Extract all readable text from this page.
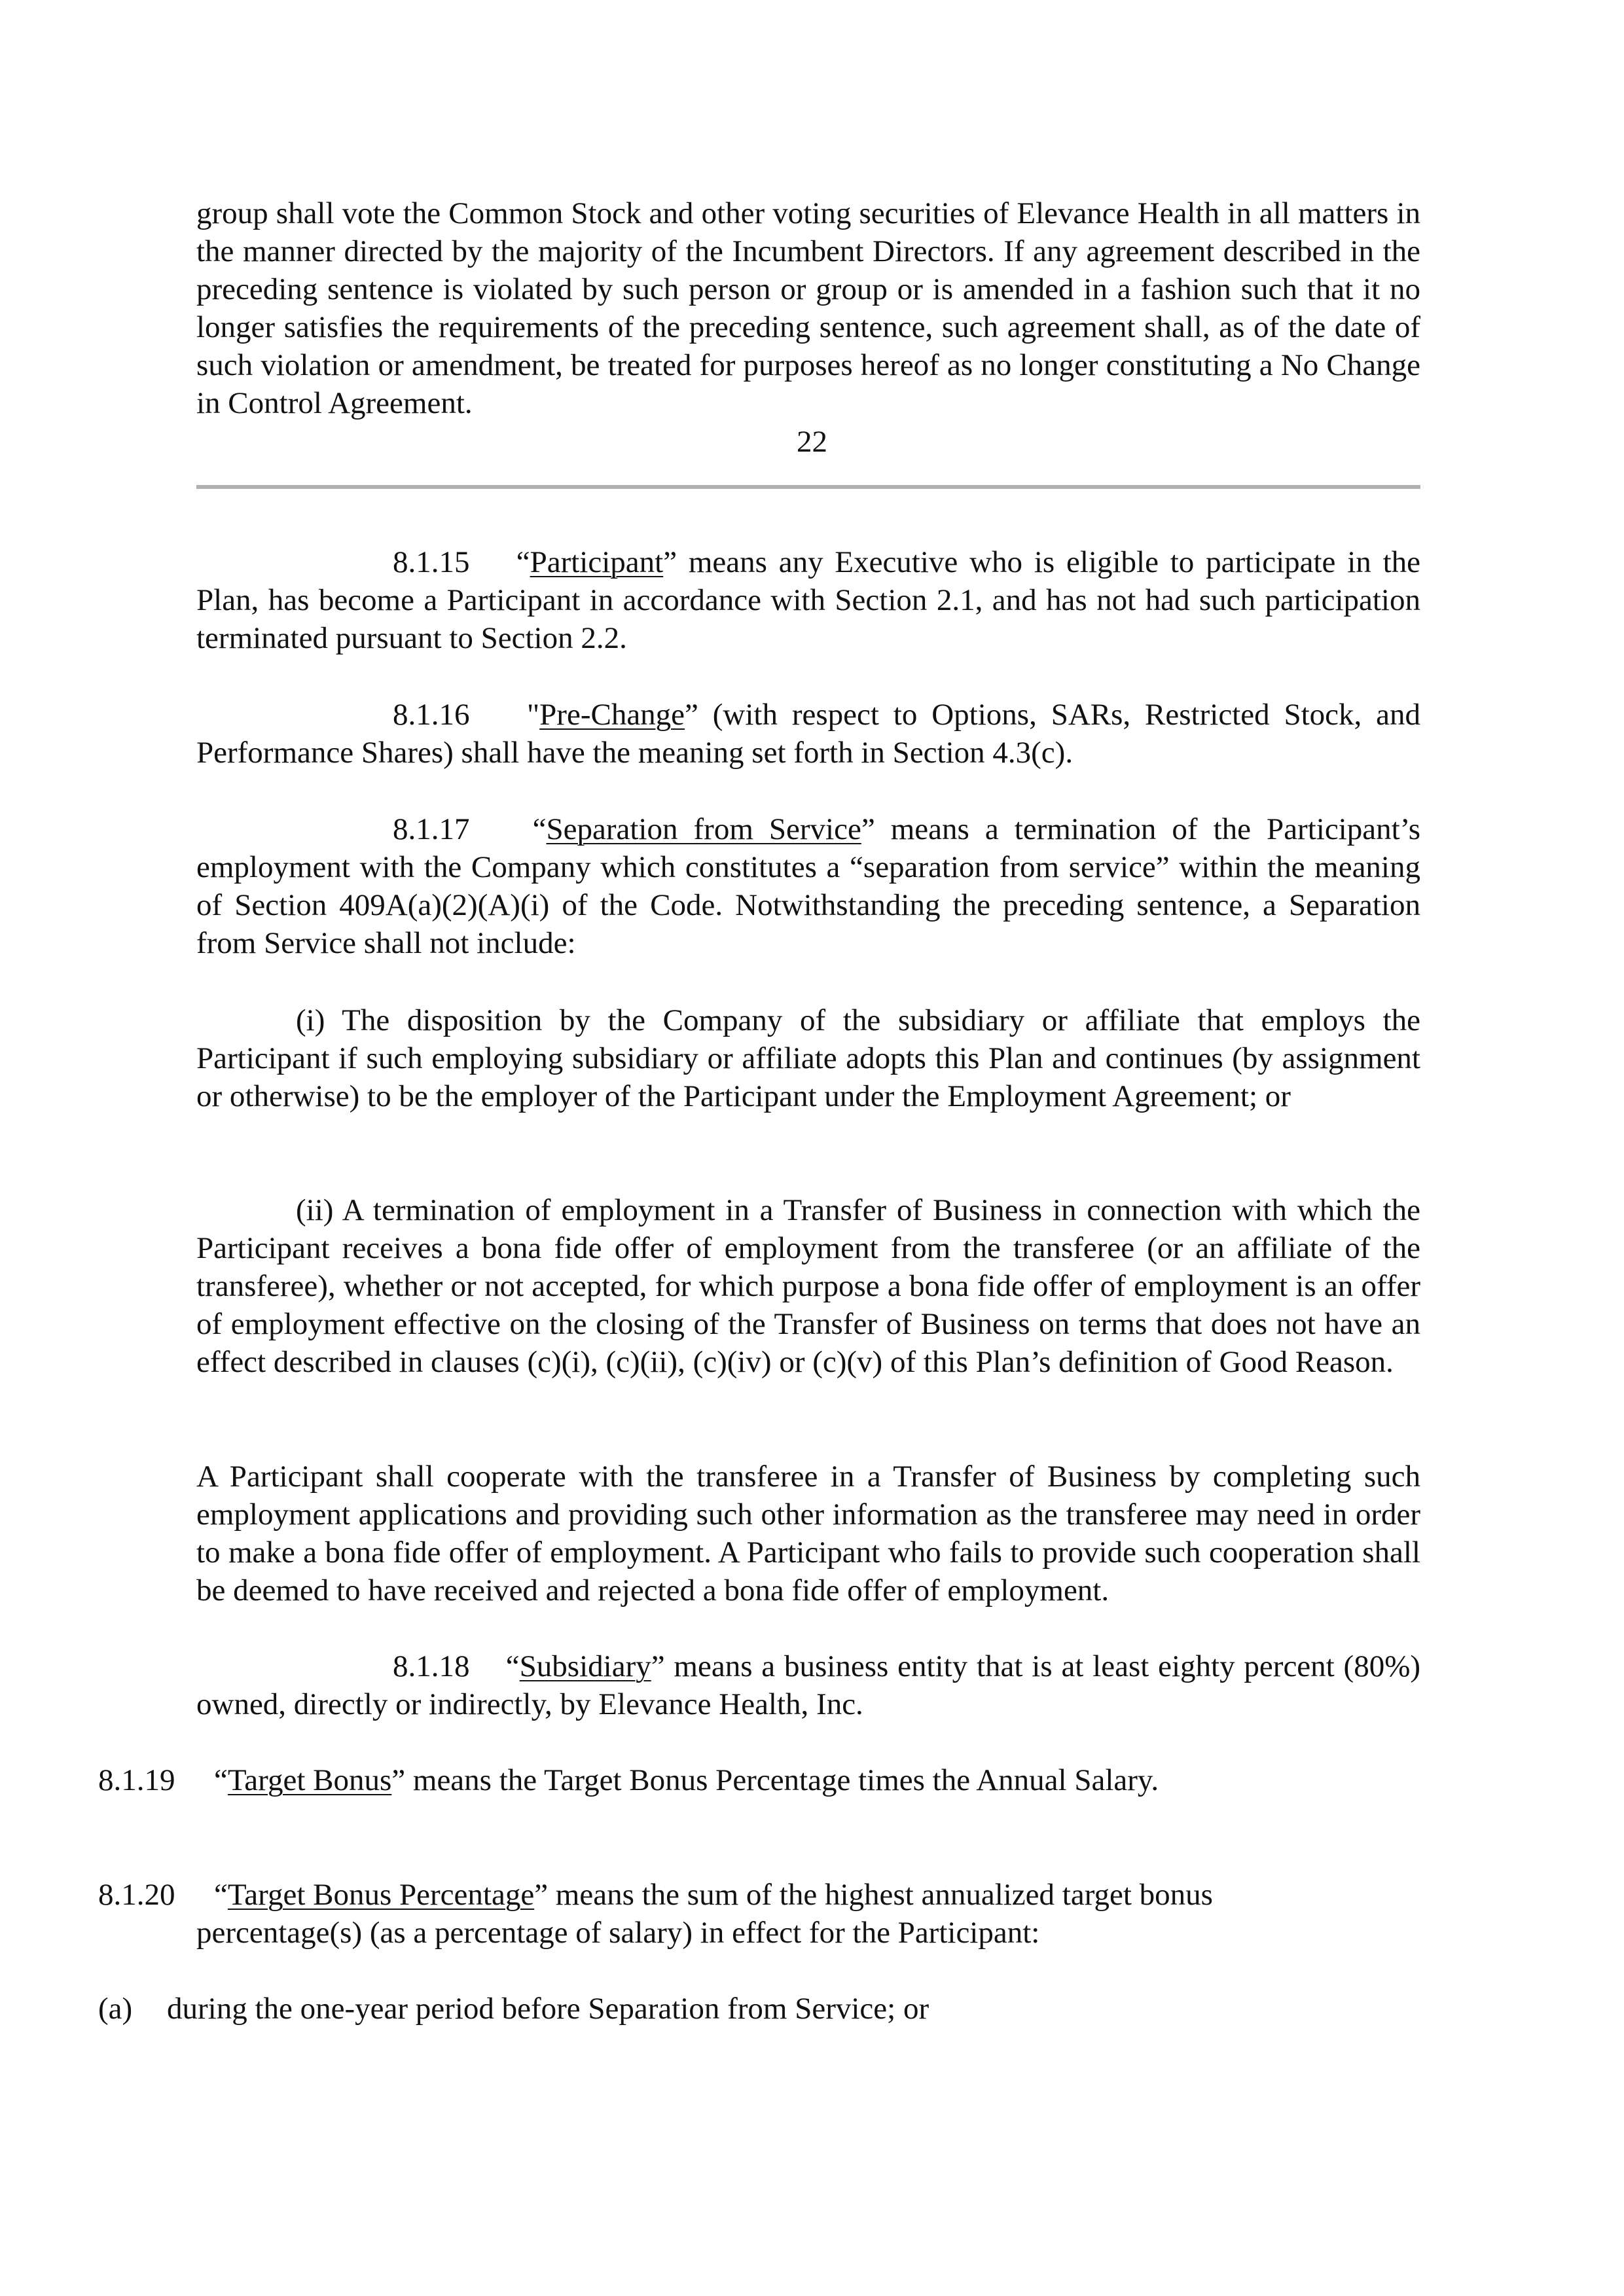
group shall vote the Common Stock and other voting securities of Elevance Health in all matters in the manner directed by the majority of the Incumbent Directors. If any agreement described in the preceding sentence is violated by such person or group or is amended in a fashion such that it no longer satisfies the requirements of the preceding sentence, such agreement shall, as of the date of such violation or amendment, be treated for purposes hereof as no longer constituting a No Change in Control Agreement.

22

8.1.15 “Participant” means any Executive who is eligible to participate in the Plan, has become a Participant in accordance with Section 2.1, and has not had such participation terminated pursuant to Section 2.2.

8.1.16 "Pre-Change” (with respect to Options, SARs, Restricted Stock, and Performance Shares) shall have the meaning set forth in Section 4.3(c).

8.1.17 “Separation from Service” means a termination of the Participant’s employment with the Company which constitutes a “separation from service” within the meaning of Section 409A(a)(2)(A)(i) of the Code. Notwithstanding the preceding sentence, a Separation from Service shall not include:

(i) The disposition by the Company of the subsidiary or affiliate that employs the Participant if such employing subsidiary or affiliate adopts this Plan and continues (by assignment or otherwise) to be the employer of the Participant under the Employment Agreement; or

(ii) A termination of employment in a Transfer of Business in connection with which the Participant receives a bona fide offer of employment from the transferee (or an affiliate of the transferee), whether or not accepted, for which purpose a bona fide offer of employment is an offer of employment effective on the closing of the Transfer of Business on terms that does not have an effect described in clauses (c)(i), (c)(ii), (c)(iv) or (c)(v) of this Plan’s definition of Good Reason.

A Participant shall cooperate with the transferee in a Transfer of Business by completing such employment applications and providing such other information as the transferee may need in order to make a bona fide offer of employment. A Participant who fails to provide such cooperation shall be deemed to have received and rejected a bona fide offer of employment.

8.1.18 “Subsidiary” means a business entity that is at least eighty percent (80%) owned, directly or indirectly, by Elevance Health, Inc.

8.1.19	“Target Bonus” means the Target Bonus Percentage times the Annual Salary.
8.1.20	“Target Bonus Percentage” means the sum of the highest annualized target bonus percentage(s) (as a percentage of salary) in effect for the Participant:
(a) during the one-year period before Separation from Service; or
